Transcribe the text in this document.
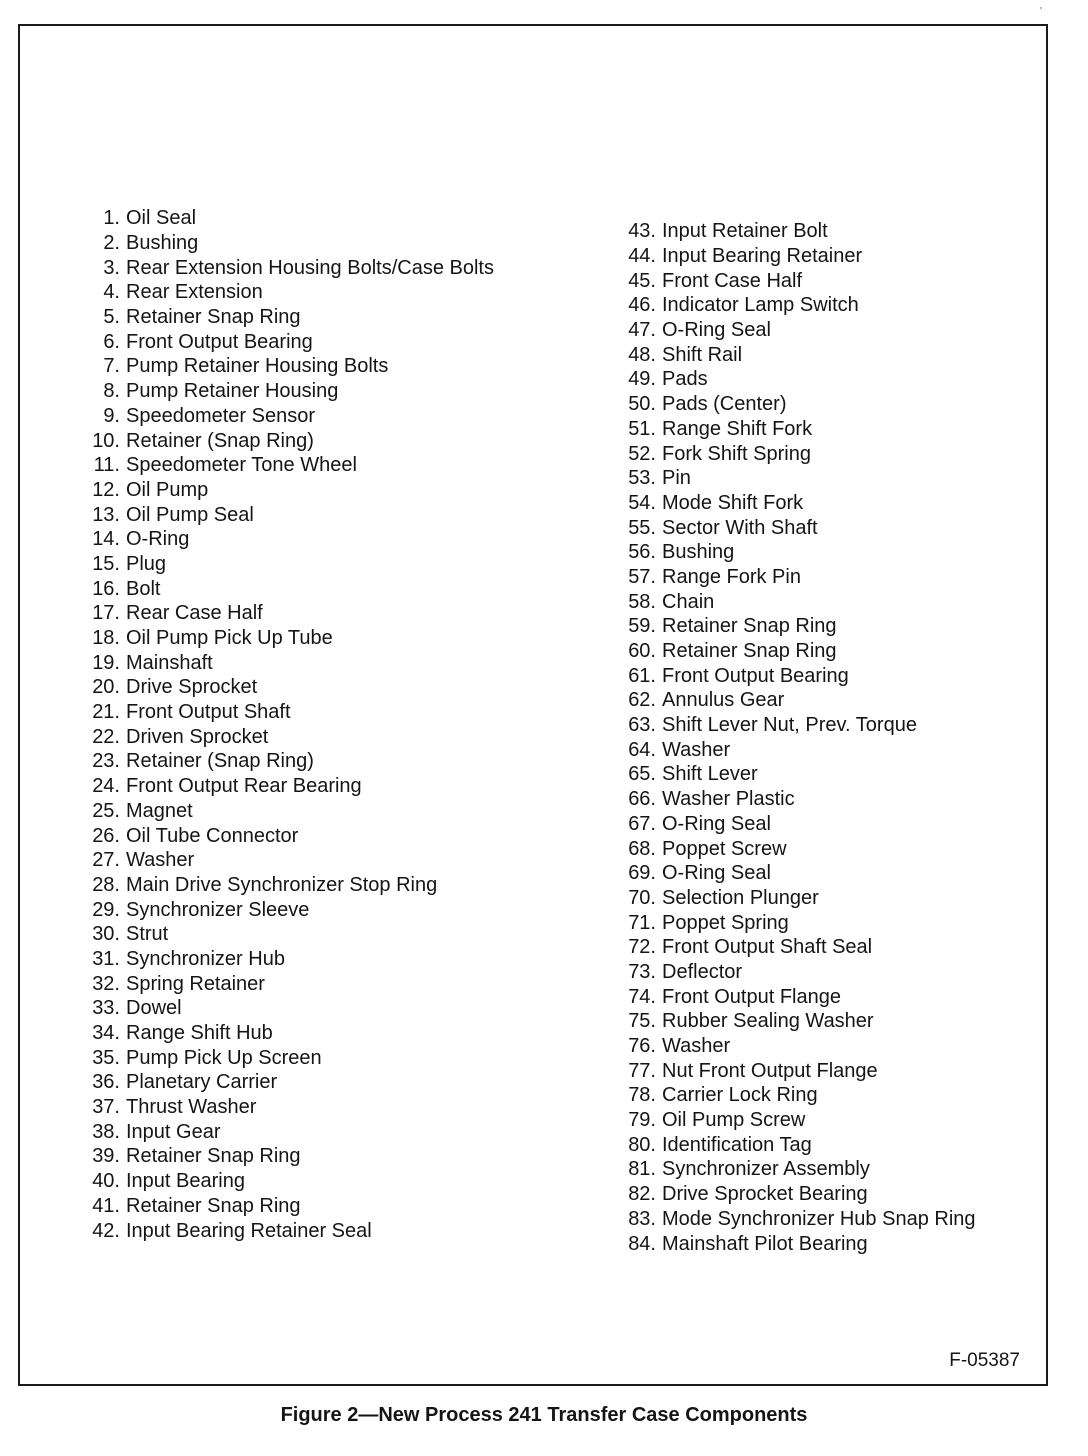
'
1. Oil Seal
2. Bushing
3. Rear Extension Housing Bolts/Case Bolts
4. Rear Extension
5. Retainer Snap Ring
6. Front Output Bearing
7. Pump Retainer Housing Bolts
8. Pump Retainer Housing
9. Speedometer Sensor
10. Retainer (Snap Ring)
11. Speedometer Tone Wheel
12. Oil Pump
13. Oil Pump Seal
14. O-Ring
15. Plug
16. Bolt
17. Rear Case Half
18. Oil Pump Pick Up Tube
19. Mainshaft
20. Drive Sprocket
21. Front Output Shaft
22. Driven Sprocket
23. Retainer (Snap Ring)
24. Front Output Rear Bearing
25. Magnet
26. Oil Tube Connector
27. Washer
28. Main Drive Synchronizer Stop Ring
29. Synchronizer Sleeve
30. Strut
31. Synchronizer Hub
32. Spring Retainer
33. Dowel
34. Range Shift Hub
35. Pump Pick Up Screen
36. Planetary Carrier
37. Thrust Washer
38. Input Gear
39. Retainer Snap Ring
40. Input Bearing
41. Retainer Snap Ring
42. Input Bearing Retainer Seal
43. Input Retainer Bolt
44. Input Bearing Retainer
45. Front Case Half
46. Indicator Lamp Switch
47. O-Ring Seal
48. Shift Rail
49. Pads
50. Pads (Center)
51. Range Shift Fork
52. Fork Shift Spring
53. Pin
54. Mode Shift Fork
55. Sector With Shaft
56. Bushing
57. Range Fork Pin
58. Chain
59. Retainer Snap Ring
60. Retainer Snap Ring
61. Front Output Bearing
62. Annulus Gear
63. Shift Lever Nut, Prev. Torque
64. Washer
65. Shift Lever
66. Washer Plastic
67. O-Ring Seal
68. Poppet Screw
69. O-Ring Seal
70. Selection Plunger
71. Poppet Spring
72. Front Output Shaft Seal
73. Deflector
74. Front Output Flange
75. Rubber Sealing Washer
76. Washer
77. Nut Front Output Flange
78. Carrier Lock Ring
79. Oil Pump Screw
80. Identification Tag
81. Synchronizer Assembly
82. Drive Sprocket Bearing
83. Mode Synchronizer Hub Snap Ring
84. Mainshaft Pilot Bearing
F-05387
Figure 2—New Process 241 Transfer Case Components
